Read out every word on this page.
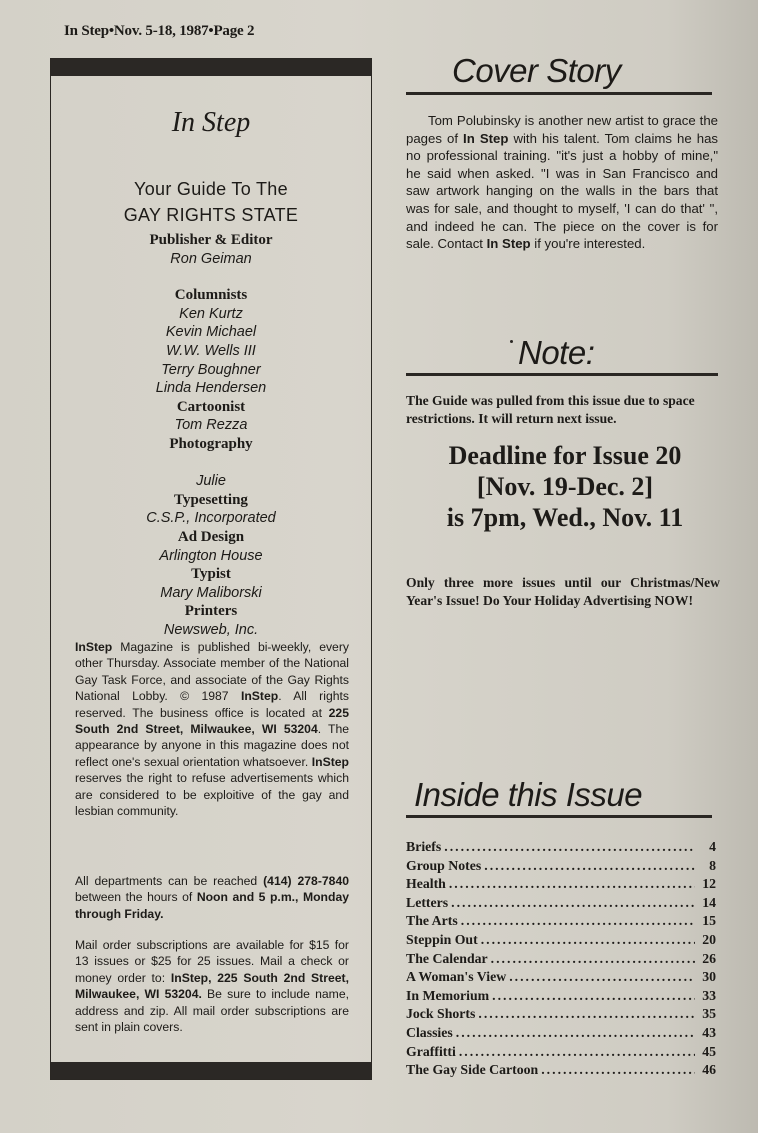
In Step•Nov. 5-18, 1987•Page 2
In Step
Your Guide To The
GAY RIGHTS STATE
Publisher & Editor
Ron Geiman
Columnists
Ken Kurtz
Kevin Michael
W.W. Wells III
Terry Boughner
Linda Hendersen
Cartoonist
Tom Rezza
Photography
Julie
Typesetting
C.S.P., Incorporated
Ad Design
Arlington House
Typist
Mary Maliborski
Printers
Newsweb, Inc.
InStep Magazine is published bi-weekly, every other Thursday. Associate member of the National Gay Task Force, and associate of the Gay Rights National Lobby. © 1987 InStep. All rights reserved. The business office is located at 225 South 2nd Street, Milwaukee, WI 53204. The appearance by anyone in this magazine does not reflect one's sexual orientation whatsoever. InStep reserves the right to refuse advertisements which are considered to be exploitive of the gay and lesbian community.
All departments can be reached (414) 278-7840 between the hours of Noon and 5 p.m., Monday through Friday.
Mail order subscriptions are available for $15 for 13 issues or $25 for 25 issues. Mail a check or money order to: InStep, 225 South 2nd Street, Milwaukee, WI 53204. Be sure to include name, address and zip. All mail order subscriptions are sent in plain covers.
Cover Story
Tom Polubinsky is another new artist to grace the pages of In Step with his talent. Tom claims he has no professional training. "it's just a hobby of mine," he said when asked. "I was in San Francisco and saw artwork hanging on the walls in the bars that was for sale, and thought to myself, 'I can do that' ", and indeed he can. The piece on the cover is for sale. Contact In Step if you're interested.
Note:
The Guide was pulled from this issue due to space restrictions. It will return next issue.
Deadline for Issue 20
[Nov. 19-Dec. 2]
is 7pm, Wed., Nov. 11
Only three more issues until our Christmas/New Year's Issue! Do Your Holiday Advertising NOW!
Inside this Issue
Briefs .....	4
Group Notes .....	8
Health .....	12
Letters .....	14
The Arts .....	15
Steppin Out .....	20
The Calendar .....	26
A Woman's View .....	30
In Memorium .....	33
Jock Shorts .....	35
Classies .....	43
Graffitti .....	45
The Gay Side Cartoon .....	46
